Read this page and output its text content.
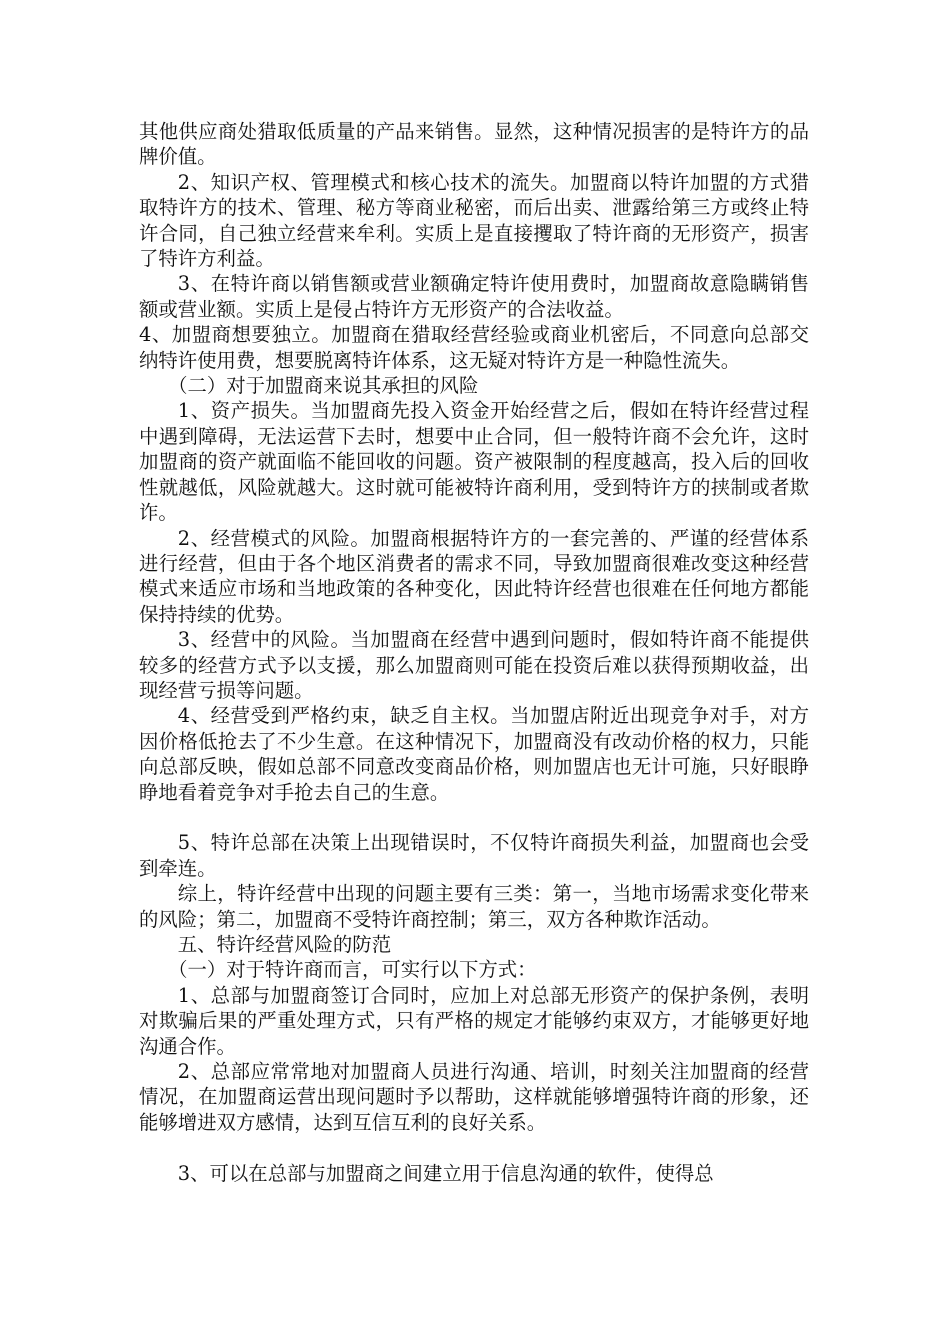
其他供应商处猎取低质量的产品来销售。显然，这种情况损害的是特许方的品牌价值。

2、知识产权、管理模式和核心技术的流失。加盟商以特许加盟的方式猎取特许方的技术、管理、秘方等商业秘密，而后出卖、泄露给第三方或终止特许合同，自己独立经营来牟利。实质上是直接攫取了特许商的无形资产，损害了特许方利益。

3、在特许商以销售额或营业额确定特许使用费时，加盟商故意隐瞒销售额或营业额。实质上是侵占特许方无形资产的合法收益。

4、加盟商想要独立。加盟商在猎取经营经验或商业机密后，不同意向总部交纳特许使用费，想要脱离特许体系，这无疑对特许方是一种隐性流失。

（二）对于加盟商来说其承担的风险

1、资产损失。当加盟商先投入资金开始经营之后，假如在特许经营过程中遇到障碍，无法运营下去时，想要中止合同，但一般特许商不会允许，这时加盟商的资产就面临不能回收的问题。资产被限制的程度越高，投入后的回收性就越低，风险就越大。这时就可能被特许商利用，受到特许方的挟制或者欺诈。

2、经营模式的风险。加盟商根据特许方的一套完善的、严谨的经营体系进行经营，但由于各个地区消费者的需求不同，导致加盟商很难改变这种经营模式来适应市场和当地政策的各种变化，因此特许经营也很难在任何地方都能保持持续的优势。

3、经营中的风险。当加盟商在经营中遇到问题时，假如特许商不能提供较多的经营方式予以支援，那么加盟商则可能在投资后难以获得预期收益，出现经营亏损等问题。

4、经营受到严格约束，缺乏自主权。当加盟店附近出现竞争对手，对方因价格低抢去了不少生意。在这种情况下，加盟商没有改动价格的权力，只能向总部反映，假如总部不同意改变商品价格，则加盟店也无计可施，只好眼睁睁地看着竞争对手抢去自己的生意。

5、特许总部在决策上出现错误时，不仅特许商损失利益，加盟商也会受到牵连。

综上，特许经营中出现的问题主要有三类：第一，当地市场需求变化带来的风险；第二，加盟商不受特许商控制；第三，双方各种欺诈活动。

五、特许经营风险的防范

（一）对于特许商而言，可实行以下方式：

1、总部与加盟商签订合同时，应加上对总部无形资产的保护条例，表明对欺骗后果的严重处理方式，只有严格的规定才能够约束双方，才能够更好地沟通合作。

2、总部应常常地对加盟商人员进行沟通、培训，时刻关注加盟商的经营情况，在加盟商运营出现问题时予以帮助，这样就能够增强特许商的形象，还能够增进双方感情，达到互信互利的良好关系。

3、可以在总部与加盟商之间建立用于信息沟通的软件，使得总
